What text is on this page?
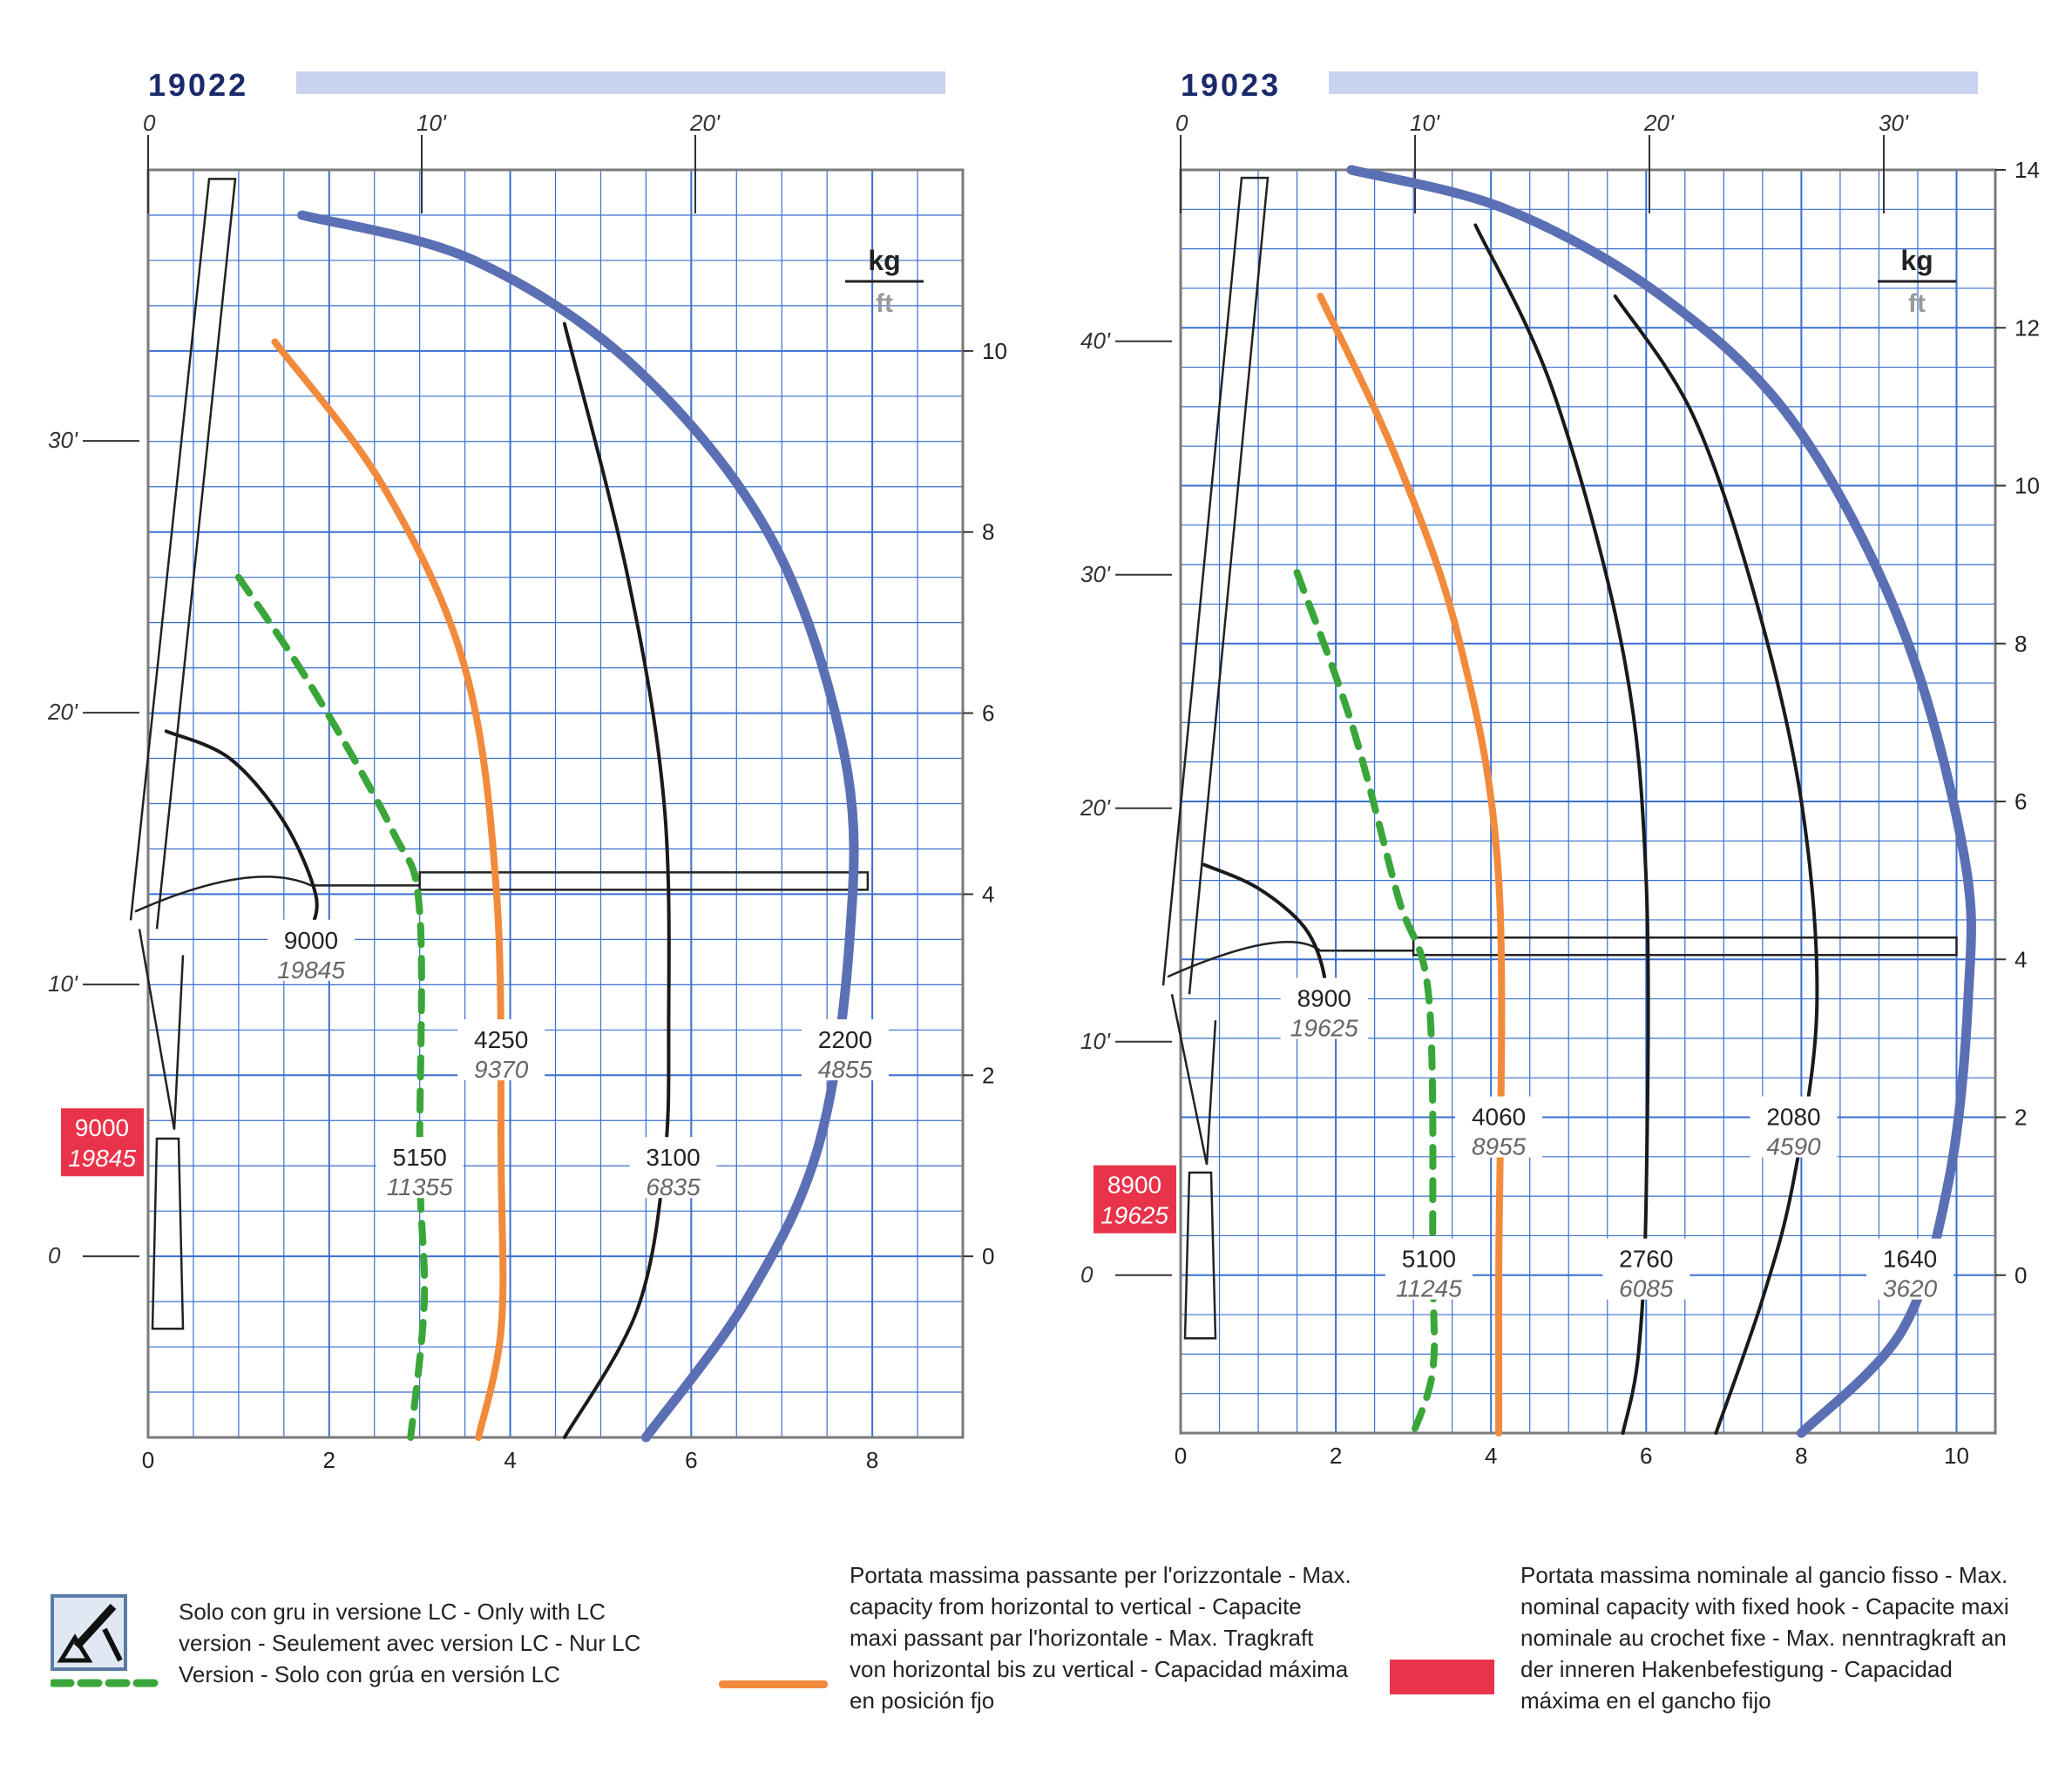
19022
0	2	4	6	8
0
2
4
6
8
10
0	10'	20'
0
10'
20'
30'
kg
ft
5150
11355
4250
9370
3100
6835
2200
4855
9000
19845
9000
19845
19023
0	2	4	6	8	10
0
2
4
6
8
10
12
14
0	10'	20'	30'
0
10'
20'
30'
40'
kg
ft
5100
11245
4060
8955
2760
6085
2080
4590
1640
3620
8900
19625
8900
19625

Solo con gru in versione LC - Only with LC version - Seulement avec version LC - Nur LC Version - Solo con grúa en versión LC

Portata massima passante per l'orizzontale - Max. capacity from horizontal to vertical - Capacite maxi passant par l'horizontale - Max. Tragkraft von horizontal bis zu vertical - Capacidad máxima en posición fjo

Portata massima nominale al gancio fisso - Max. nominal capacity with fixed hook - Capacite maxi nominale au crochet fixe - Max. nenntragkraft an der inneren Hakenbefestigung - Capacidad máxima en el gancho fijo
